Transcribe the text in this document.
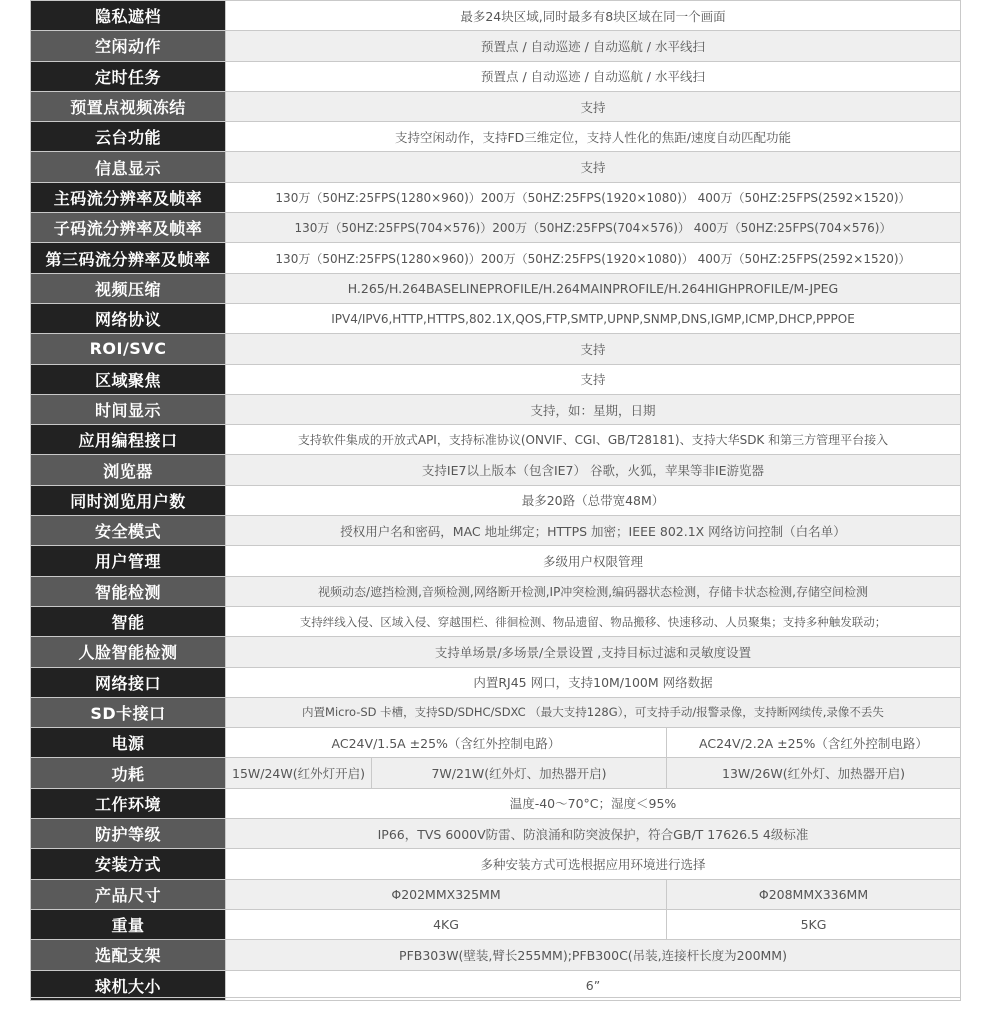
隐私遮档	最多24块区域,同时最多有8块区域在同一个画面		
空闲动作	预置点 / 自动巡迹 / 自动巡航 / 水平线扫		
定时任务	预置点 / 自动巡迹 / 自动巡航 / 水平线扫		
预置点视频冻结	支持		
云台功能	支持空闲动作，支持FD三维定位，支持人性化的焦距/速度自动匹配功能		
信息显示	支持		
主码流分辨率及帧率	130万（50HZ:25FPS(1280×960)）200万（50HZ:25FPS(1920×1080)） 400万（50HZ:25FPS(2592×1520)）		
子码流分辨率及帧率	130万（50HZ:25FPS(704×576)）200万（50HZ:25FPS(704×576)） 400万（50HZ:25FPS(704×576)）		
第三码流分辨率及帧率	130万（50HZ:25FPS(1280×960)）200万（50HZ:25FPS(1920×1080)） 400万（50HZ:25FPS(2592×1520)）		
视频压缩	H.265/H.264BASELINEPROFILE/H.264MAINPROFILE/H.264HIGHPROFILE/M-JPEG		
网络协议	IPV4/IPV6,HTTP,HTTPS,802.1X,QOS,FTP,SMTP,UPNP,SNMP,DNS,IGMP,ICMP,DHCP,PPPOE		
ROI/SVC	支持		
区域聚焦	支持		
时间显示	支持，如：星期，日期		
应用编程接口	支持软件集成的开放式API，支持标准协议(ONVIF、CGI、GB/T28181)、支持大华SDK 和第三方管理平台接入		
浏览器	支持IE7以上版本（包含IE7） 谷歌，火狐，苹果等非IE游览器		
同时浏览用户数	最多20路（总带宽48M）		
安全模式	授权用户名和密码，MAC 地址绑定；HTTPS 加密；IEEE 802.1X 网络访问控制（白名单）		
用户管理	多级用户权限管理		
智能检测	视频动态/遮挡检测,音频检测,网络断开检测,IP冲突检测,编码器状态检测，存储卡状态检测,存储空间检测		
智能	支持绊线入侵、区域入侵、穿越围栏、徘徊检测、物品遗留、物品搬移、快速移动、人员聚集；支持多种触发联动；		
人脸智能检测	支持单场景/多场景/全景设置 ,支持目标过滤和灵敏度设置		
网络接口	内置RJ45 网口，支持10M/100M 网络数据		
SD卡接口	内置Micro-SD 卡槽，支持SD/SDHC/SDXC （最大支持128G），可支持手动/报警录像，支持断网续传,录像不丢失		
电源	AC24V/1.5A ±25%（含红外控制电路）		AC24V/2.2A ±25%（含红外控制电路）
功耗	15W/24W(红外灯开启)	7W/21W(红外灯、加热器开启)	13W/26W(红外灯、加热器开启)
工作环境	温度-40～70°C；湿度＜95%		
防护等级	IP66，TVS 6000V防雷、防浪涌和防突波保护，符合GB/T 17626.5 4级标准		
安装方式	多种安装方式可选根据应用环境进行选择		
产品尺寸	Φ202MMX325MM		Φ208MMX336MM
重量	4KG		5KG
选配支架	PFB303W(壁装,臂长255MM);PFB300C(吊装,连接杆长度为200MM)		
球机大小	6”		
